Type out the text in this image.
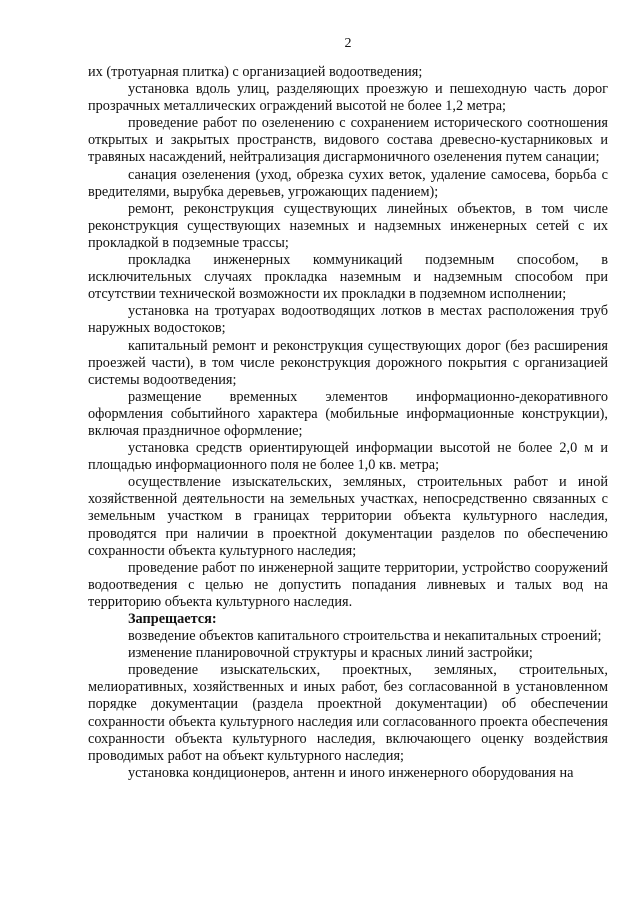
2

их (тротуарная плитка) с организацией водоотведения;

установка вдоль улиц, разделяющих проезжую и пешеходную часть дорог прозрачных металлических ограждений высотой не более 1,2 метра;

проведение работ по озеленению с сохранением исторического соотношения открытых и закрытых пространств, видового состава древесно-кустарниковых и травяных насаждений, нейтрализация дисгармоничного озеленения путем санации;

санация озеленения (уход, обрезка сухих веток, удаление самосева, борьба с вредителями, вырубка деревьев, угрожающих падением);

ремонт, реконструкция существующих линейных объектов, в том числе реконструкция существующих наземных и надземных инженерных сетей с их прокладкой в подземные трассы;

прокладка инженерных коммуникаций подземным способом, в исключительных случаях прокладка наземным и надземным способом при отсутствии технической возможности их прокладки в подземном исполнении;

установка на тротуарах водоотводящих лотков в местах расположения труб наружных водостоков;

капитальный ремонт и реконструкция существующих дорог (без расширения проезжей части), в том числе реконструкция дорожного покрытия с организацией системы водоотведения;

размещение временных элементов информационно-декоративного оформления событийного характера (мобильные информационные конструкции), включая праздничное оформление;

установка средств ориентирующей информации высотой не более 2,0 м и площадью информационного поля не более 1,0 кв. метра;

осуществление изыскательских, земляных, строительных работ и иной хозяйственной деятельности на земельных участках, непосредственно связанных с земельным участком в границах территории объекта культурного наследия, проводятся при наличии в проектной документации разделов по обеспечению сохранности объекта культурного наследия;

проведение работ по инженерной защите территории, устройство сооружений водоотведения с целью не допустить попадания ливневых и талых вод на территорию объекта культурного наследия.

Запрещается:

возведение объектов капитального строительства и некапитальных строений;

изменение планировочной структуры и красных линий застройки;

проведение изыскательских, проектных, земляных, строительных, мелиоративных, хозяйственных и иных работ, без согласованной в установленном порядке документации (раздела проектной документации) об обеспечении сохранности объекта культурного наследия или согласованного проекта обеспечения сохранности объекта культурного наследия, включающего оценку воздействия проводимых работ на объект культурного наследия;

установка кондиционеров, антенн и иного инженерного оборудования на
